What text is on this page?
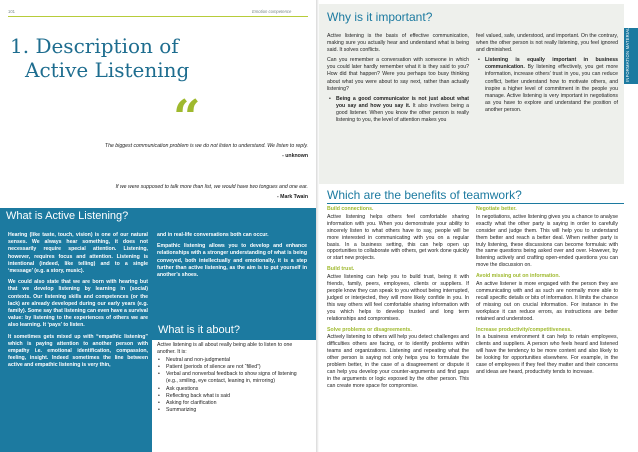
101	Emotion competence
1. Description of
Active Listening
“
The biggest communication problem is we do not listen to understand. We listen to reply.
- unknown
If we were supposed to talk more than list, we would have two tongues and one ear.
- Mark Twain
What is Active Listening?

Hearing (like taste, touch, vision) is one of our natural senses. We always hear something, it does not necessarily require special attention. Listening, however, requires focus and attention. Listening is intentional (indeed, like telling) and to a single ‘message’ (e.g. a story, music).

We could also state that we are born with hearing but that we develop listening by learning in (social) contexts. Our listening skills and competences (or the lack) are already developed during our early years (e.g. family). Some say that listening can even have a survival value: by listening to the experiences of others we are also learning. It ‘pays’ to listen.

It sometimes gets mixed up with “empathic listening” which is paying attention to another person with empathy i.e. emotional identification, compassion, feeling, insight. Indeed sometimes the line between active and empathic listening is very thin,

and in real-life conversations both can occur.

Empathic listening allows you to develop and enhance relationships with a stronger understanding of what is being conveyed, both intellectually and emotionally, it is a step further than active listening, as the aim is to put yourself in another’s shoes.

What is it about?
Active listening is all about really being able to listen to one another. It is:
• Neutral and non-judgmental
• Patient (periods of silence are not “filled”)
• Verbal and nonverbal feedback to show signs of listening (e.g., smiling, eye contact, leaning in, mirroring)
• Ask questions
• Reflecting back what is said
• Asking for clarification
• Summarizing
Why is it important?

Active listening is the basis of effective communication, making sure you actually hear and understand what is being said. It solves conflicts.

Can you remember a conversation with someone in which you could later hardly remember what it is they said to you? How did that happen? Were you perhaps too busy thinking about what you were about to say next, rather than actually listening?

• Being a good communicator is not just about what you say and how you say it. It also involves being a good listener. When you know the other person is really listening to you, the level of attention makes you

feel valued, safe, understood, and important. On the contrary, when the other person is not really listening, you feel ignored and diminished.

• Listening is equally important in business communication. By listening effectively, you get more information, increase others’ trust in you, you can reduce conflict, better understand how to motivate others, and inspire a higher level of commitment in the people you manage. Active listening is very important in negotiations as you have to explore and understand the position of another person.
INFORMATION MATERIAL
Which are the benefits of teamwork?
Build connections.

Active listening helps others feel comfortable sharing information with you. When you demonstrate your ability to sincerely listen to what others have to say, people will be more interested in communicating with you on a regular basis. In a business setting, this can help open up opportunities to collaborate with others, get work done quickly or start new projects.

Build trust.

Active listening can help you to build trust, being it with friends, family, peers, employees, clients or suppliers. If people know they can speak to you without being interrupted, judged or interjected, they will more likely confide in you. In this way others will feel comfortable sharing information with you which helps to develop trusted and long term relationships and compromises.

Solve problems or disagreements.

Actively listening to others will help you detect challenges and difficulties others are facing, or to identify problems within teams and organizations. Listening and repeating what the other person is saying not only helps you to formulate the problem better, in the case of a disagreement or dispute it can help you develop your counter-arguments and find gaps in the arguments or logic exposed by the other person. This can create more space for compromise.

Negotiate better.

In negotiations, active listening gives you a chance to analyse exactly what the other party is saying in order to carefully consider and judge them. This will help you to understand them better and reach a better deal. When neither party is truly listening, these discussions can become formulaic with the same questions being asked over and over. However, by listening actively and crafting open-ended questions you can move the discussion on.

Avoid missing out on information.

An active listener is more engaged with the person they are communicating with and as such are normally more able to recall specific details or bits of information. It limits the chance of missing out on crucial information. For instance in the workplace it can reduce errors, as instructions are better retained and understood.

Increase productivity/competitiveness.

In a business environment it can help to retain employees, clients and suppliers. A person who feels heard and listened will have the tendency to be more content and also likely to be looking for opportunities elsewhere. For example, in the case of employees if they feel they matter and their concerns and ideas are heard, productivity tends to increase.
